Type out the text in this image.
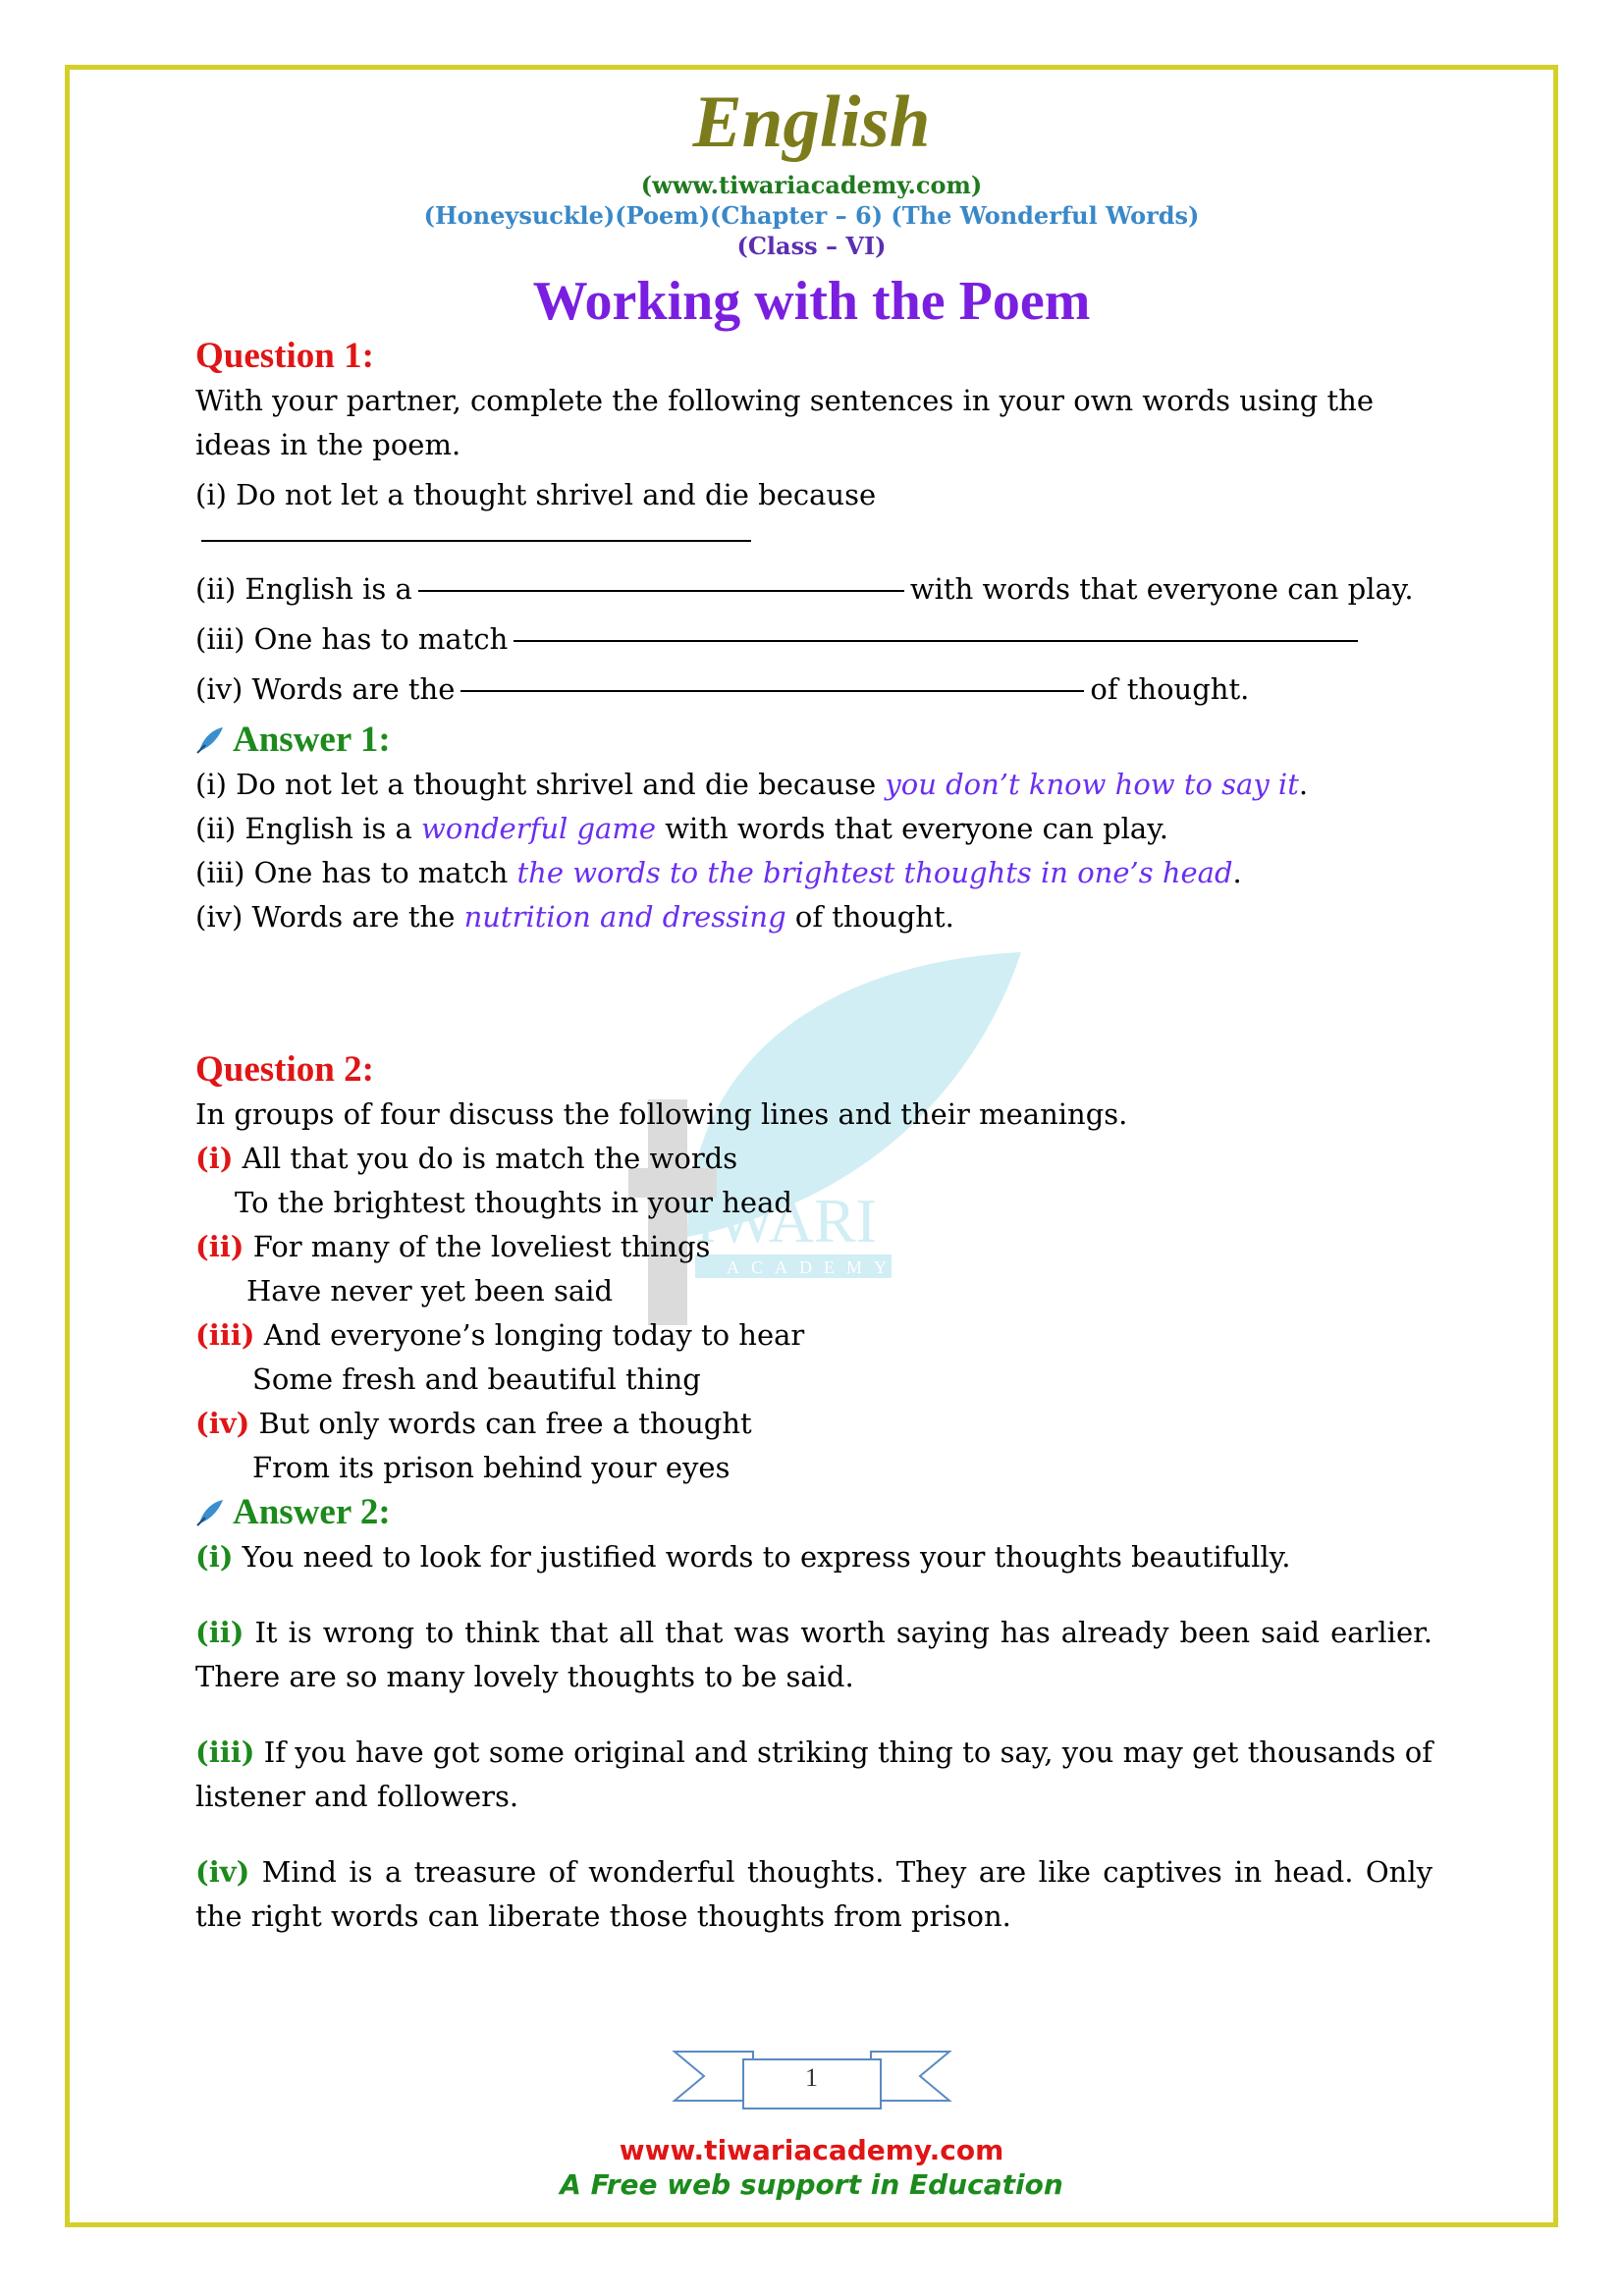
IWARI
ACADEMY
English
(www.tiwariacademy.com)
(Honeysuckle)(Poem)(Chapter – 6) (The Wonderful Words)
(Class – VI)
Working with the Poem
Question 1:
With your partner, complete the following sentences in your own words using the ideas in the poem.
(i) Do not let a thought shrivel and die because
(ii) English is a	with words that everyone can play.
(iii) One has to match
(iv) Words are the	of thought.
Answer 1:
(i) Do not let a thought shrivel and die because you don’t know how to say it.
(ii) English is a wonderful game with words that everyone can play.
(iii) One has to match the words to the brightest thoughts in one’s head.
(iv) Words are the nutrition and dressing of thought.
Question 2:
In groups of four discuss the following lines and their meanings.
(i) All that you do is match the words
To the brightest thoughts in your head
(ii) For many of the loveliest things
Have never yet been said
(iii) And everyone’s longing today to hear
Some fresh and beautiful thing
(iv) But only words can free a thought
From its prison behind your eyes
Answer 2:
(i) You need to look for justified words to express your thoughts beautifully.
(ii) It is wrong to think that all that was worth saying has already been said earlier. There are so many lovely thoughts to be said.
(iii) If you have got some original and striking thing to say, you may get thousands of listener and followers.
(iv) Mind is a treasure of wonderful thoughts. They are like captives in head. Only the right words can liberate those thoughts from prison.
1
www.tiwariacademy.com
A Free web support in Education
